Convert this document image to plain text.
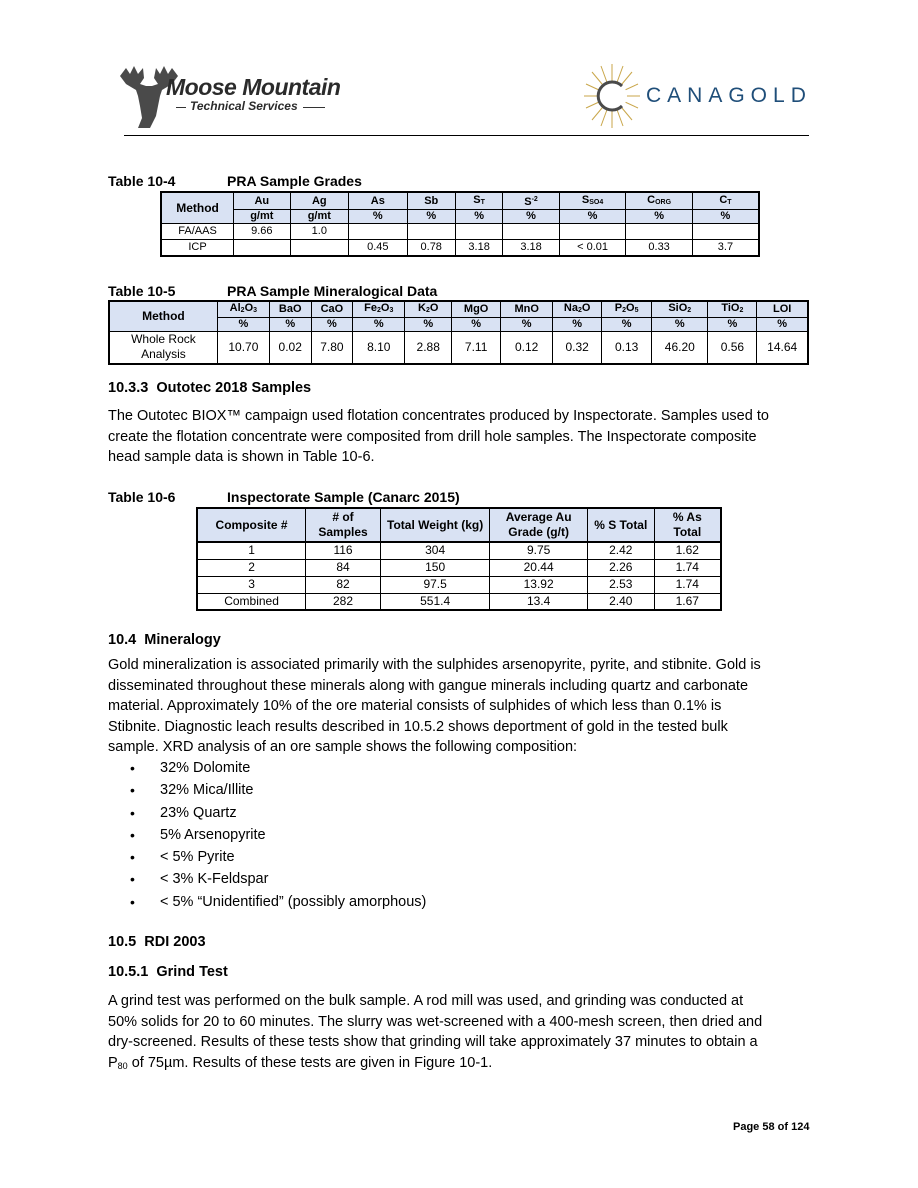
Moose Mountain
Technical Services	CANAGOLD
Table 10-4	PRA Sample Grades
Method	Au	Ag	As	Sb	$S_T$	$S^{-2}$	$S_{SO4}$	$C_{ORG}$	$C_T$
	g/mt	g/mt	%	%	%	%	%	%	%
FA/AAS	9.66	1.0							
ICP			0.45	0.78	3.18	3.18	< 0.01	0.33	3.7
Table 10-5	PRA Sample Mineralogical Data
Method	$Al_2O_3$	BaO	CaO	$Fe_2O_3$	$K_2O$	MgO	MnO	$Na_2O$	$P_2O_5$	SiO$_2$	TiO$_2$	LOI
	%	%	%	%	%	%	%	%	%	%	%	%
Whole Rock Analysis	10.70	0.02	7.80	8.10	2.88	7.11	0.12	0.32	0.13	46.20	0.56	14.64
10.3.3  Outotec 2018 Samples
The Outotec BIOX™ campaign used flotation concentrates produced by Inspectorate. Samples used to
create the flotation concentrate were composited from drill hole samples. The Inspectorate composite
head sample data is shown in Table 10-6.
Table 10-6	Inspectorate Sample (Canarc 2015)
Composite #	# of Samples	Total Weight (kg)	Average Au Grade (g/t)	% S Total	% As Total
1	116	304	9.75	2.42	1.62
2	84	150	20.44	2.26	1.74
3	82	97.5	13.92	2.53	1.74
Combined	282	551.4	13.4	2.40	1.67
10.4  Mineralogy
Gold mineralization is associated primarily with the sulphides arsenopyrite, pyrite, and stibnite. Gold is
disseminated throughout these minerals along with gangue minerals including quartz and carbonate
material. Approximately 10% of the ore material consists of sulphides of which less than 0.1% is
Stibnite. Diagnostic leach results described in 10.5.2 shows deportment of gold in the tested bulk
sample. XRD analysis of an ore sample shows the following composition:
• 32% Dolomite
• 32% Mica/Illite
• 23% Quartz
• 5% Arsenopyrite
• < 5% Pyrite
• < 3% K-Feldspar
• < 5% “Unidentified” (possibly amorphous)
10.5  RDI 2003
10.5.1  Grind Test
A grind test was performed on the bulk sample. A rod mill was used, and grinding was conducted at
50% solids for 20 to 60 minutes. The slurry was wet-screened with a 400-mesh screen, then dried and
dry-screened. Results of these tests show that grinding will take approximately 37 minutes to obtain a
$P_{80}$ of 75µm. Results of these tests are given in Figure 10-1.
Page 58 of 124
